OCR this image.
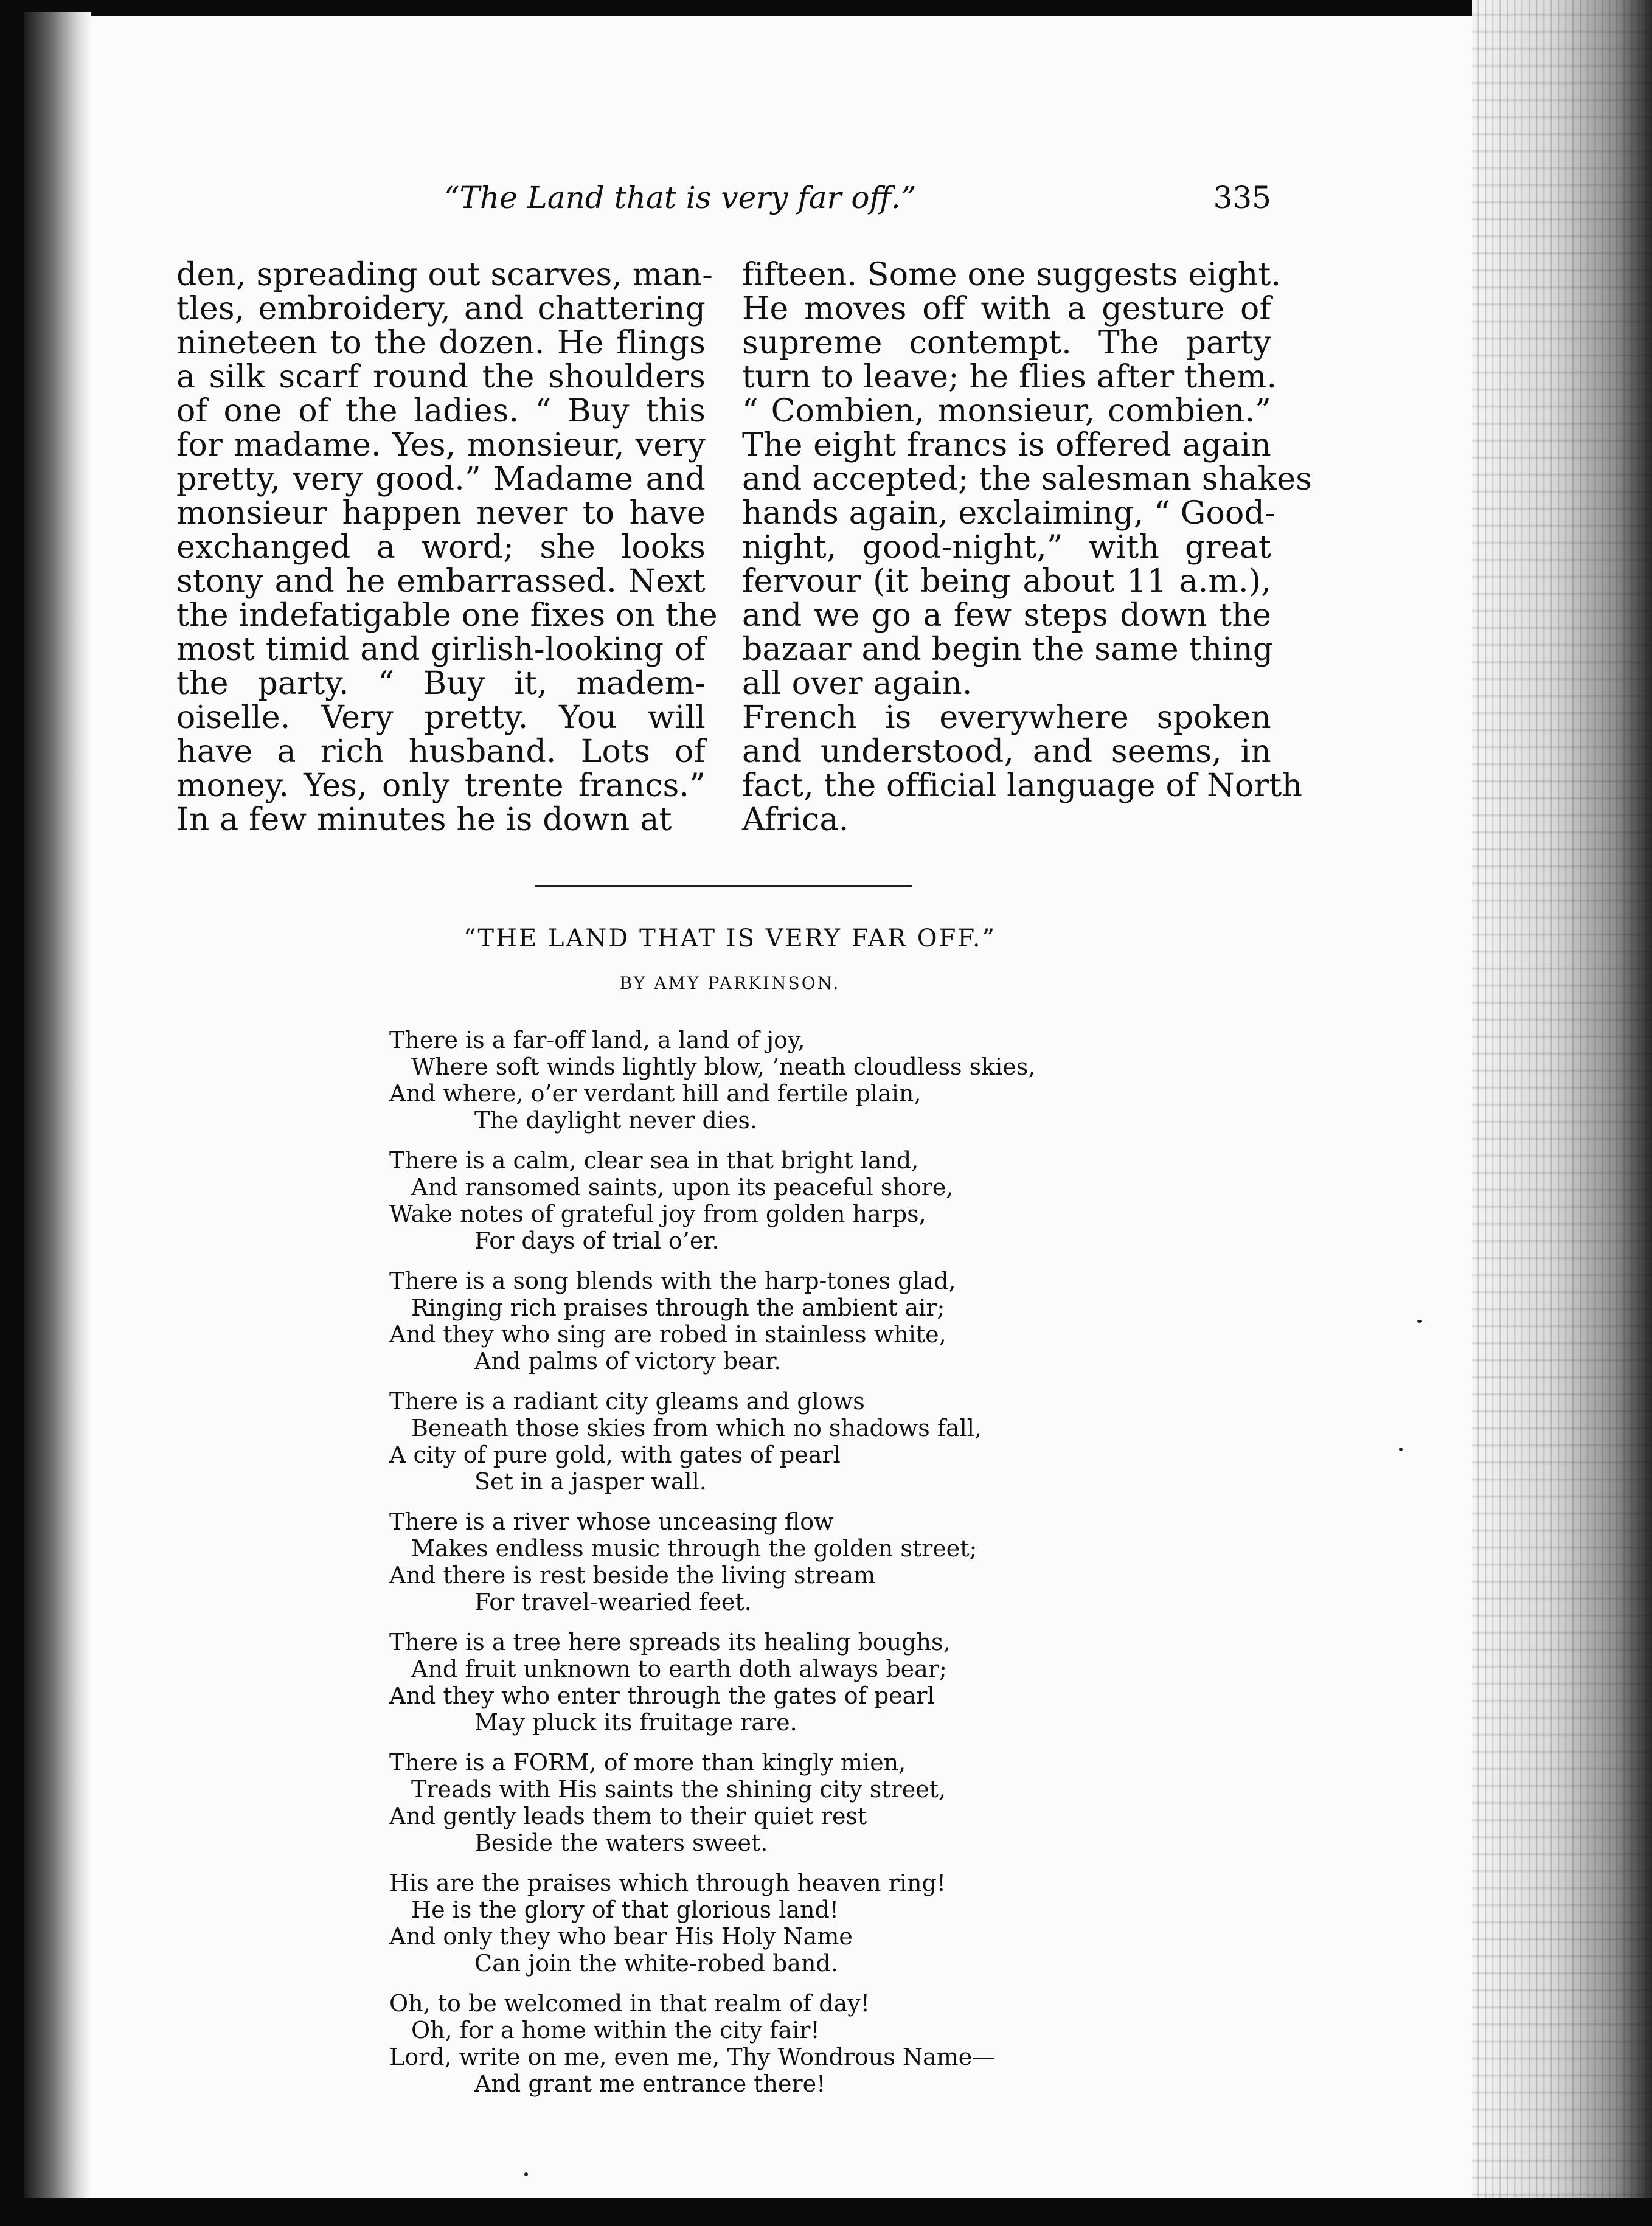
“The Land that is very far off.”	335
den, spreading out scarves, man-
tles, embroidery, and chattering
nineteen to the dozen. He flings
a silk scarf round the shoulders
of one of the ladies. “ Buy this
for madame. Yes, monsieur, very
pretty, very good.” Madame and
monsieur happen never to have
exchanged a word; she looks
stony and he embarrassed. Next
the indefatigable one fixes on the
most timid and girlish-looking of
the party. “ Buy it, madem-
oiselle. Very pretty. You will
have a rich husband. Lots of
money. Yes, only trente francs.”
In a few minutes he is down at
fifteen. Some one suggests eight.
He moves off with a gesture of
supreme contempt. The party
turn to leave; he flies after them.
“ Combien, monsieur, combien.”
The eight francs is offered again
and accepted; the salesman shakes
hands again, exclaiming, “ Good-
night, good-night,” with great
fervour (it being about 11 a.m.),
and we go a few steps down the
bazaar and begin the same thing
all over again.
French is everywhere spoken
and understood, and seems, in
fact, the official language of North
Africa.
“THE LAND THAT IS VERY FAR OFF.”
BY AMY PARKINSON.
There is a far-off land, a land of joy,
Where soft winds lightly blow, ’neath cloudless skies,
And where, o’er verdant hill and fertile plain,
The daylight never dies.
There is a calm, clear sea in that bright land,
And ransomed saints, upon its peaceful shore,
Wake notes of grateful joy from golden harps,
For days of trial o’er.
There is a song blends with the harp-tones glad,
Ringing rich praises through the ambient air;
And they who sing are robed in stainless white,
And palms of victory bear.
There is a radiant city gleams and glows
Beneath those skies from which no shadows fall,
A city of pure gold, with gates of pearl
Set in a jasper wall.
There is a river whose unceasing flow
Makes endless music through the golden street;
And there is rest beside the living stream
For travel-wearied feet.
There is a tree here spreads its healing boughs,
And fruit unknown to earth doth always bear;
And they who enter through the gates of pearl
May pluck its fruitage rare.
There is a FORM, of more than kingly mien,
Treads with His saints the shining city street,
And gently leads them to their quiet rest
Beside the waters sweet.
His are the praises which through heaven ring!
He is the glory of that glorious land!
And only they who bear His Holy Name
Can join the white-robed band.
Oh, to be welcomed in that realm of day!
Oh, for a home within the city fair!
Lord, write on me, even me, Thy Wondrous Name—
And grant me entrance there!
